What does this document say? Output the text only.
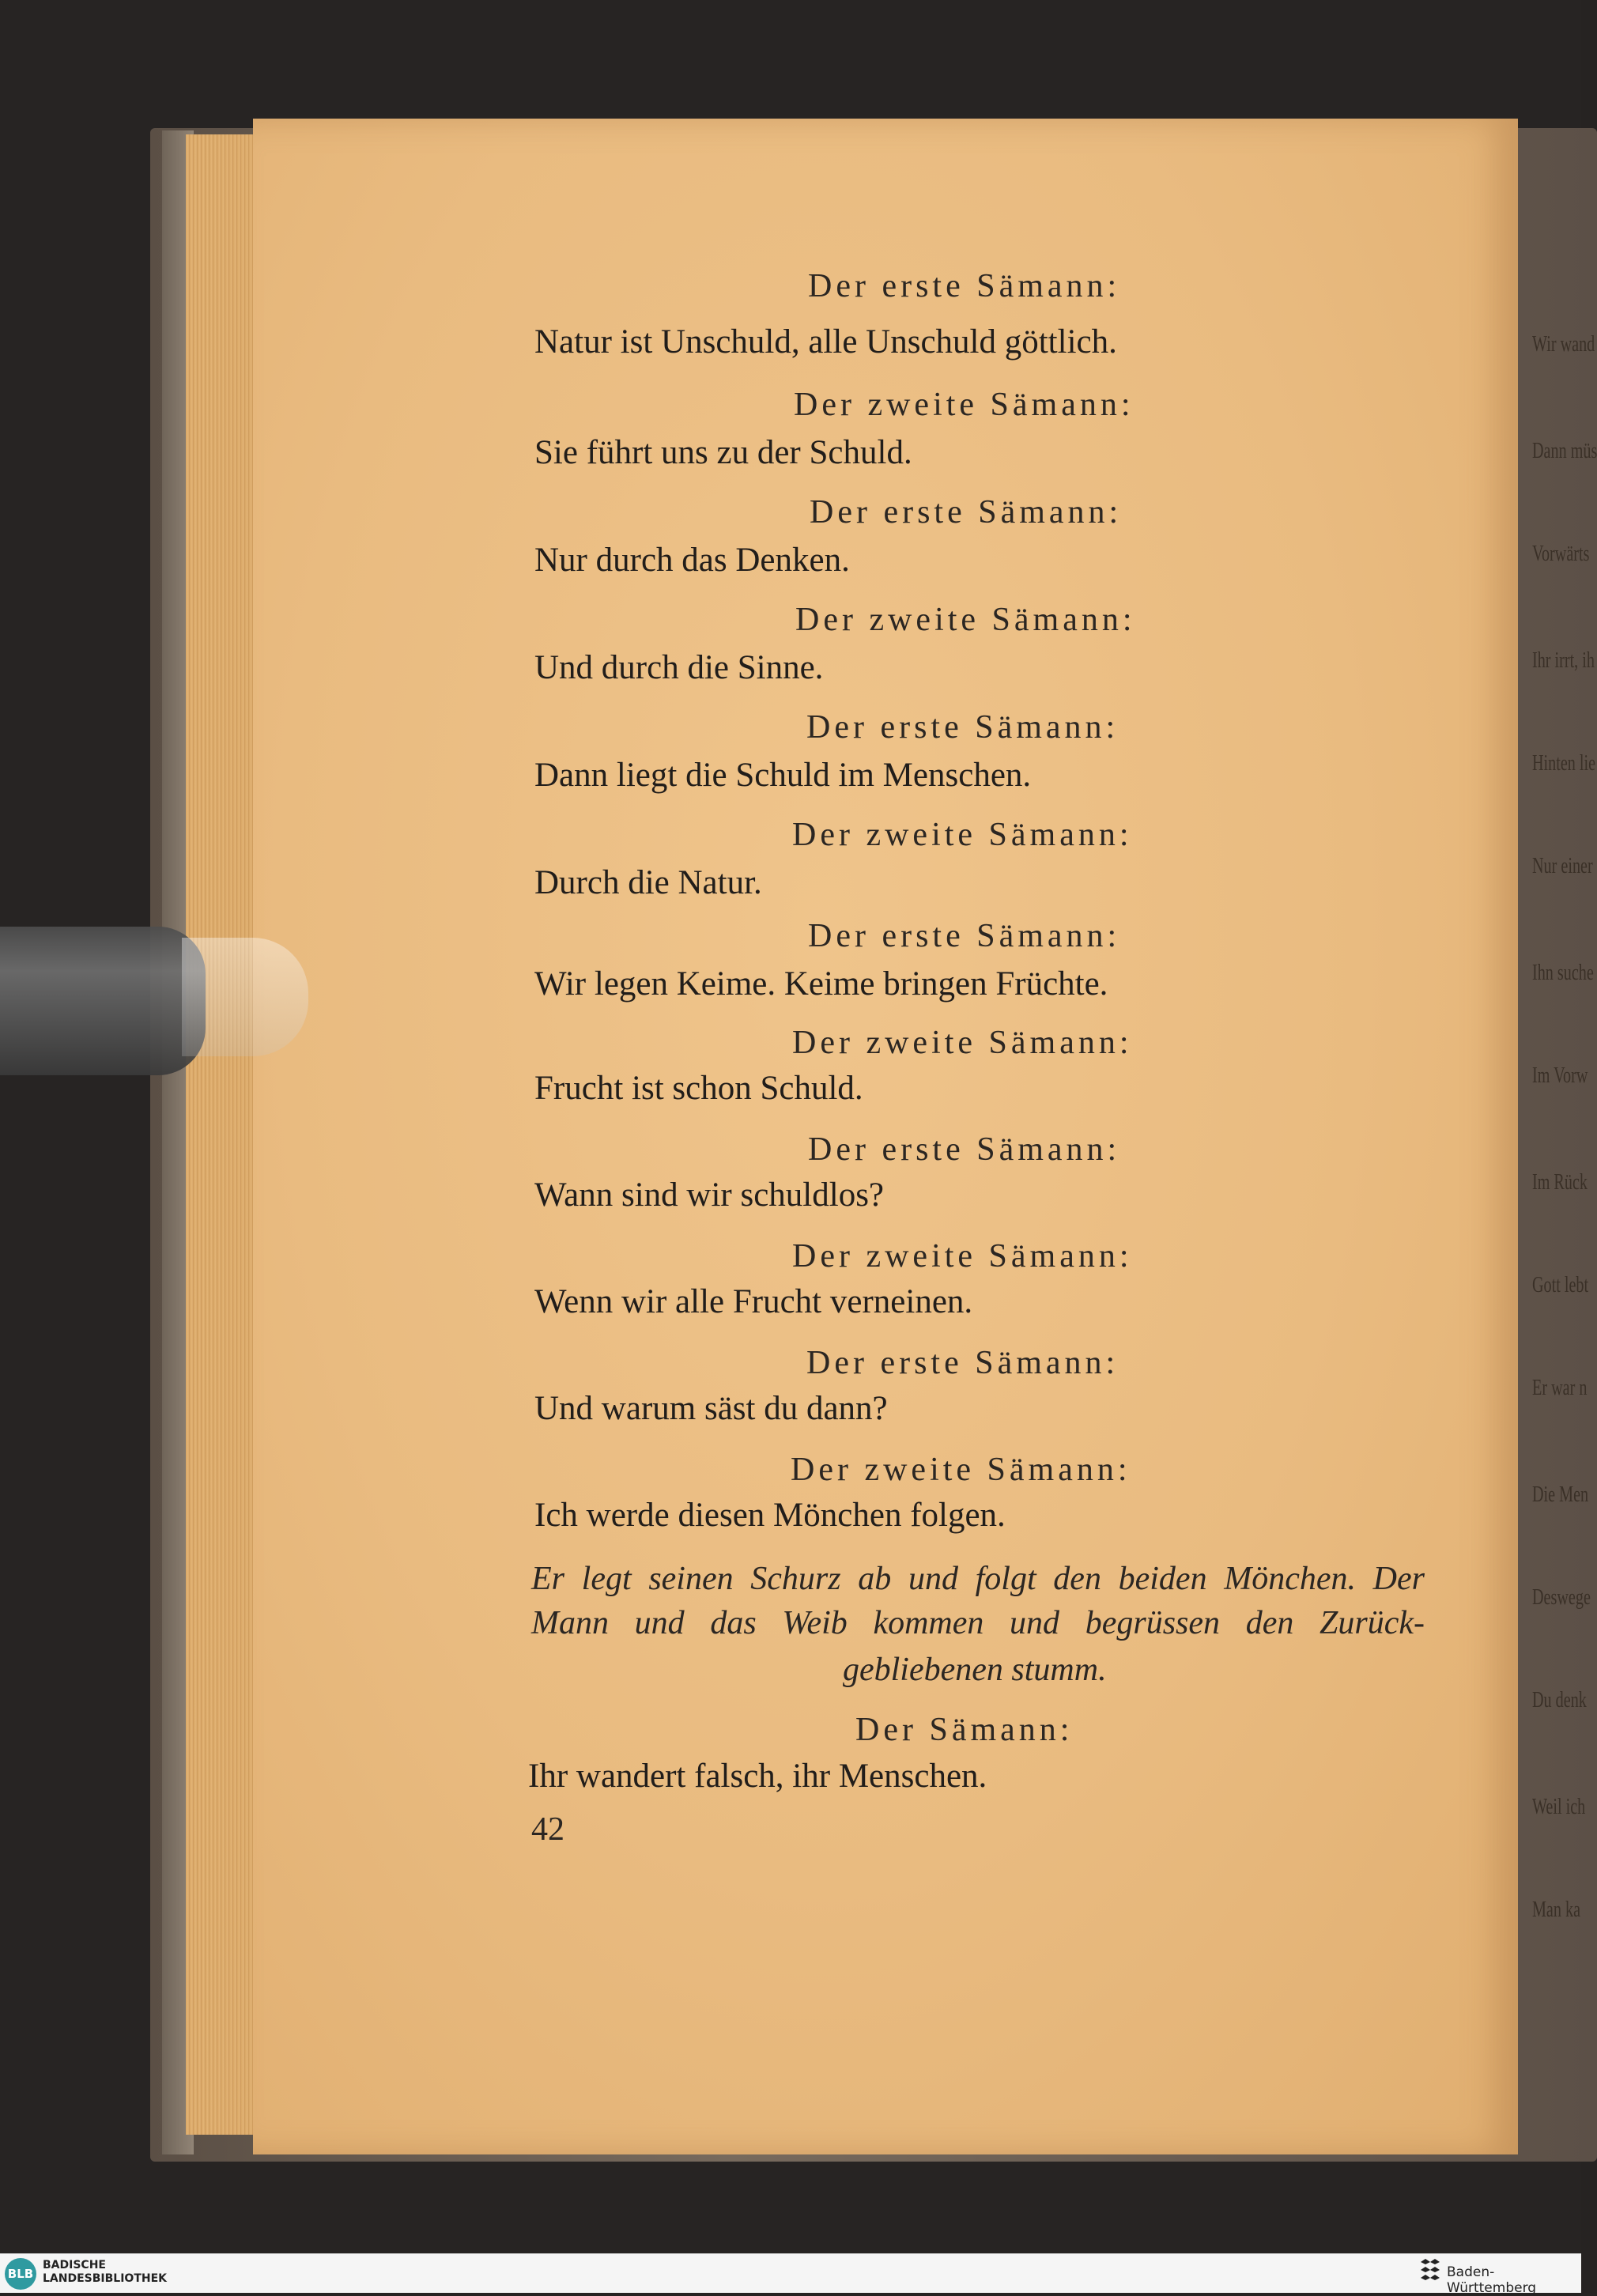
Wir wand
Dann müs
Vorwärts
Ihr irrt, ih
Hinten lie
Nur einer
Ihn suche
Im Vorw
Im Rück
Gott lebt
Er war n
Die Men
Deswege
Du denk
Weil ich
Man ka
Der erste Sämann:
Natur ist Unschuld, alle Unschuld göttlich.
Der zweite Sämann:
Sie führt uns zu der Schuld.
Der erste Sämann:
Nur durch das Denken.
Der zweite Sämann:
Und durch die Sinne.
Der erste Sämann:
Dann liegt die Schuld im Menschen.
Der zweite Sämann:
Durch die Natur.
Der erste Sämann:
Wir legen Keime. Keime bringen Früchte.
Der zweite Sämann:
Frucht ist schon Schuld.
Der erste Sämann:
Wann sind wir schuldlos?
Der zweite Sämann:
Wenn wir alle Frucht verneinen.
Der erste Sämann:
Und warum säst du dann?
Der zweite Sämann:
Ich werde diesen Mönchen folgen.
Er legt seinen Schurz ab und folgt den beiden Mönchen. Der
Mann und das Weib kommen und begrüssen den Zurück-
gebliebenen stumm.
Der Sämann:
Ihr wandert falsch, ihr Menschen.
42
BLB
BADISCHE
LANDESBIBLIOTHEK	Baden-Württemberg
